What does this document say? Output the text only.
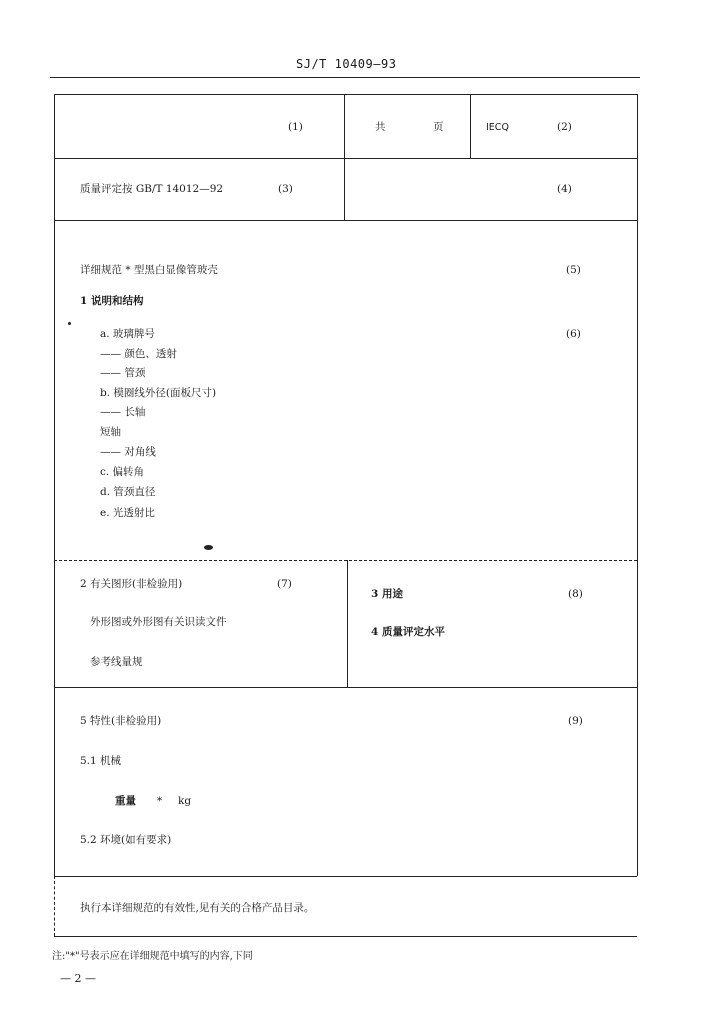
SJ/T 10409—93
(1)	共	页	IECQ	(2)
质量评定按 GB/T 14012—92	(3)	(4)
详细规范 * 型黑白显像管玻壳	(5)
1 说明和结构
(6)
a. 玻璃牌号
—— 颜色、透射
—— 管颈
b. 模圈线外径(面板尺寸)
—— 长轴
短轴
—— 对角线
c. 偏转角
d. 管颈直径
e. 光透射比
2 有关图形(非检验用)	(7)
外形图或外形图有关识读文件
参考线量规
3 用途	(8)
4 质量评定水平
5 特性(非检验用)	(9)
5.1 机械
重量 * kg
5.2 环境(如有要求)
执行本详细规范的有效性,见有关的合格产品目录。
注:"*"号表示应在详细规范中填写的内容,下同
— 2 —
